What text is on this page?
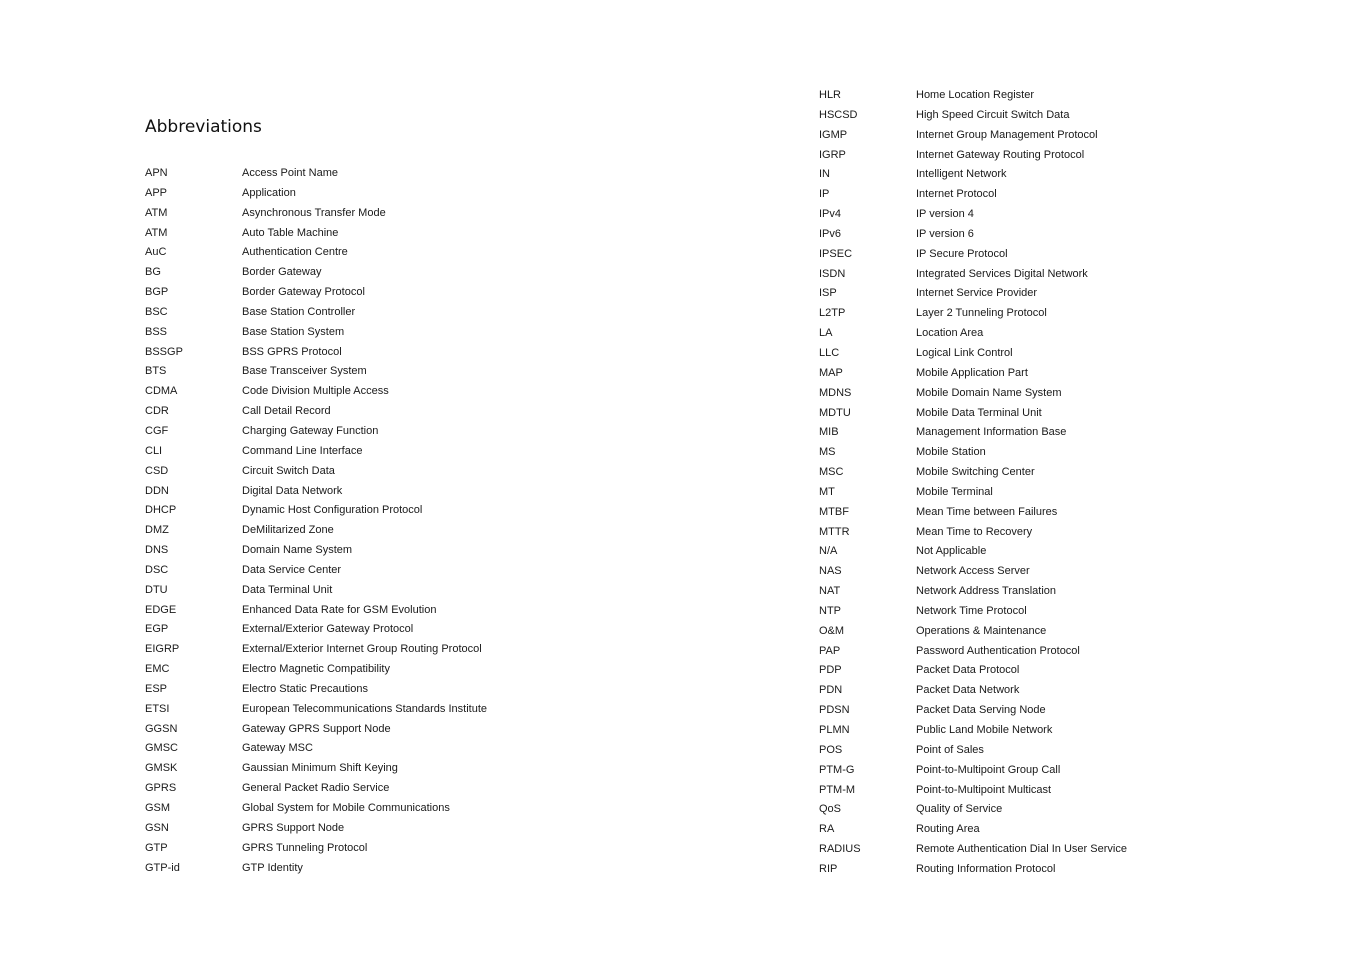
Abbreviations
APN	Access Point Name
APP	Application
ATM	Asynchronous Transfer Mode
ATM	Auto Table Machine
AuC	Authentication Centre
BG	Border Gateway
BGP	Border Gateway Protocol
BSC	Base Station Controller
BSS	Base Station System
BSSGP	BSS GPRS Protocol
BTS	Base Transceiver System
CDMA	Code Division Multiple Access
CDR	Call Detail Record
CGF	Charging Gateway Function
CLI	Command Line Interface
CSD	Circuit Switch Data
DDN	Digital Data Network
DHCP	Dynamic Host Configuration Protocol
DMZ	DeMilitarized Zone
DNS	Domain Name System
DSC	Data Service Center
DTU	Data Terminal Unit
EDGE	Enhanced Data Rate for GSM Evolution
EGP	External/Exterior Gateway Protocol
EIGRP	External/Exterior Internet Group Routing Protocol
EMC	Electro Magnetic Compatibility
ESP	Electro Static Precautions
ETSI	European Telecommunications Standards Institute
GGSN	Gateway GPRS Support Node
GMSC	Gateway MSC
GMSK	Gaussian Minimum Shift Keying
GPRS	General Packet Radio Service
GSM	Global System for Mobile Communications
GSN	GPRS Support Node
GTP	GPRS Tunneling Protocol
GTP-id	GTP Identity
HLR	Home Location Register
HSCSD	High Speed Circuit Switch Data
IGMP	Internet Group Management Protocol
IGRP	Internet Gateway Routing Protocol
IN	Intelligent Network
IP	Internet Protocol
IPv4	IP version 4
IPv6	IP version 6
IPSEC	IP Secure Protocol
ISDN	Integrated Services Digital Network
ISP	Internet Service Provider
L2TP	Layer 2 Tunneling Protocol
LA	Location Area
LLC	Logical Link Control
MAP	Mobile Application Part
MDNS	Mobile Domain Name System
MDTU	Mobile Data Terminal Unit
MIB	Management Information Base
MS	Mobile Station
MSC	Mobile Switching Center
MT	Mobile Terminal
MTBF	Mean Time between Failures
MTTR	Mean Time to Recovery
N/A	Not Applicable
NAS	Network Access Server
NAT	Network Address Translation
NTP	Network Time Protocol
O&M	Operations & Maintenance
PAP	Password Authentication Protocol
PDP	Packet Data Protocol
PDN	Packet Data Network
PDSN	Packet Data Serving Node
PLMN	Public Land Mobile Network
POS	Point of Sales
PTM-G	Point-to-Multipoint Group Call
PTM-M	Point-to-Multipoint Multicast
QoS	Quality of Service
RA	Routing Area
RADIUS	Remote Authentication Dial In User Service
RIP	Routing Information Protocol
